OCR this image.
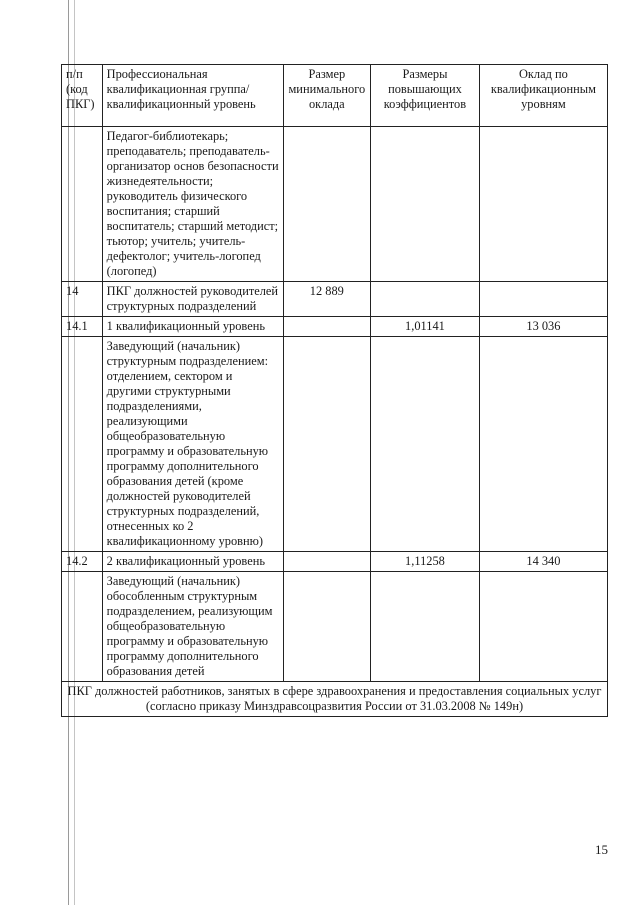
п/п (код ПКГ)	Профессиональная квалификационная группа/квалификационный уровень	Размер минимального оклада	Размеры повышающих коэффициентов	Оклад по квалификационным уровням
	Педагог-библиотекарь; преподаватель; преподаватель-организатор основ безопасности жизнедеятельности; руководитель физического воспитания; старший воспитатель; старший методист; тьютор; учитель; учитель-дефектолог; учитель-логопед (логопед)			
14	ПКГ должностей руководителей структурных подразделений	12 889		
14.1	1 квалификационный уровень		1,01141	13 036
	Заведующий (начальник) структурным подразделением: отделением, сектором и другими структурными подразделениями, реализующими общеобразовательную программу и образовательную программу дополнительного образования детей (кроме должностей руководителей структурных подразделений, отнесенных ко 2 квалификационному уровню)			
14.2	2 квалификационный уровень		1,11258	14 340
	Заведующий (начальник) обособленным структурным подразделением, реализующим общеобразовательную программу и образовательную программу дополнительного образования детей			
ПКГ должностей работников, занятых в сфере здравоохранения и предоставления социальных услуг (согласно приказу Минздравсоцразвития России от 31.03.2008 № 149н)				
15
